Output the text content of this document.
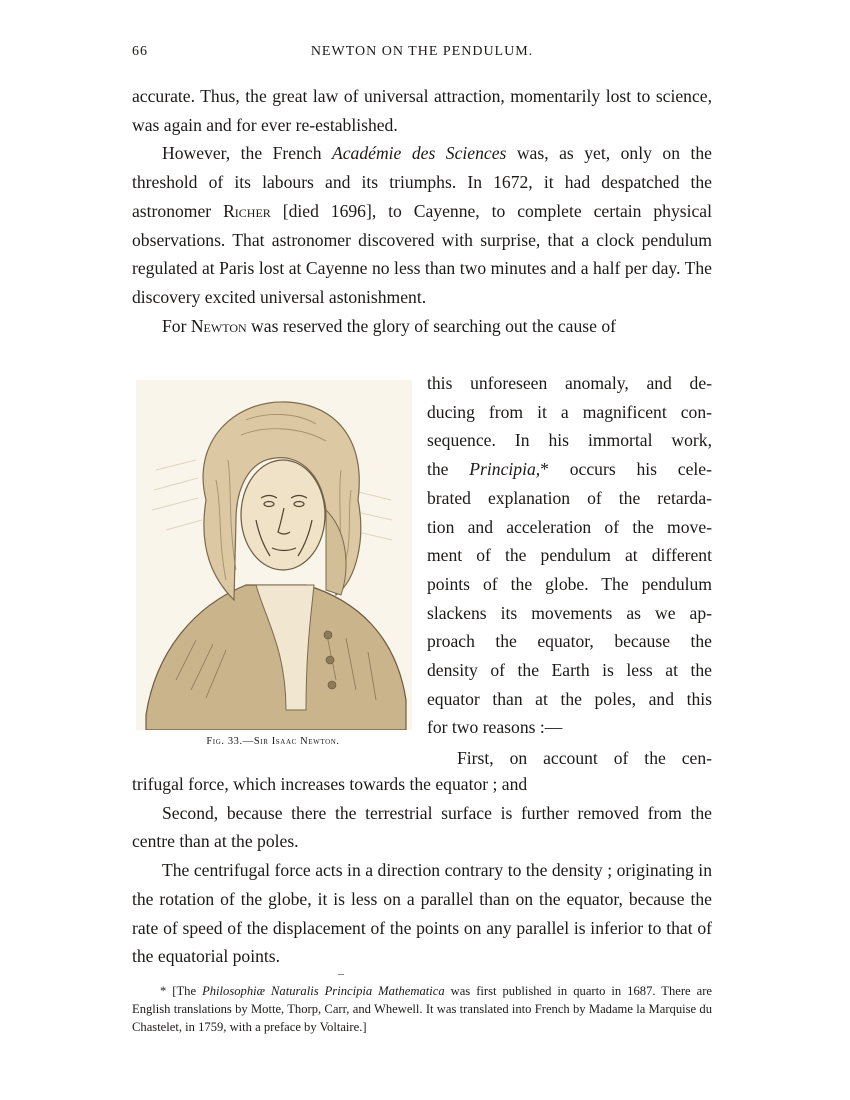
66	NEWTON ON THE PENDULUM.

accurate. Thus, the great law of universal attraction, momentarily lost to science, was again and for ever re-established.

However, the French Académie des Sciences was, as yet, only on the threshold of its labours and its triumphs. In 1672, it had despatched the astronomer Richer [died 1696], to Cayenne, to complete certain physical observations. That astronomer discovered with surprise, that a clock pendulum regulated at Paris lost at Cayenne no less than two minutes and a half per day. The discovery excited universal astonishment.

For Newton was reserved the glory of searching out the cause of

Fig. 33.—Sir Isaac Newton.

this unforeseen anomaly, and de-

ducing from it a magnificent con-

sequence. In his immortal work,

the Principia,* occurs his cele-

brated explanation of the retarda-

tion and acceleration of the move-

ment of the pendulum at different

points of the globe. The pendulum

slackens its movements as we ap-

proach the equator, because the

density of the Earth is less at the

equator than at the poles, and this

for two reasons :—

First, on account of the cen-

trifugal force, which increases towards the equator ; and

Second, because there the terrestrial surface is further removed from the centre than at the poles.

The centrifugal force acts in a direction contrary to the density ; originating in the rotation of the globe, it is less on a parallel than on the equator, because the rate of speed of the displacement of the points on any parallel is inferior to that of the equatorial points.

* [The Philosophiæ Naturalis Principia Mathematica was first published in quarto in 1687. There are English translations by Motte, Thorp, Carr, and Whewell. It was translated into French by Madame la Marquise du Chastelet, in 1759, with a preface by Voltaire.]
